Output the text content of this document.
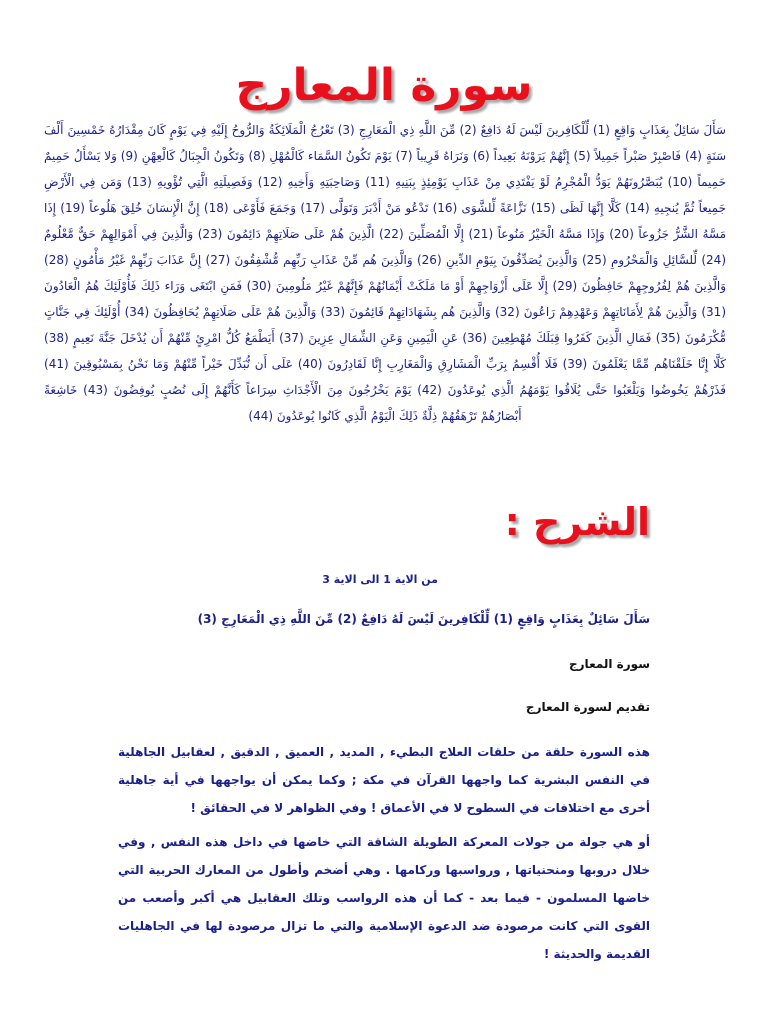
سورة المعارج

سَأَلَ سَائِلٌ بِعَذَابٍ وَاقِعٍ (1) لِّلْكَافِرينَ لَيْسَ لَهُ دَافِعٌ (2) مِّنَ اللَّهِ ذِي الْمَعَارِجِ (3) تَعْرُجُ الْمَلَائِكَةُ وَالرُّوحُ إِلَيْهِ فِي يَوْمٍ كَانَ مِقْدَارُهُ خَمْسِينَ أَلْفَ سَنَةٍ (4) فَاصْبِرْ صَبْراً جَمِيلاً (5) إِنَّهُمْ يَرَوْنَهُ بَعِيداً (6) وَنَرَاهُ قَرِيباً (7) يَوْمَ تَكُونُ السَّمَاء كَالْمُهْلِ (8) وَتَكُونُ الْجِبَالُ كَالْعِهْنِ (9) وَلا يَسْأَلُ حَمِيمٌ حَمِيماً (10) يُبَصَّرُونَهُمْ يَوَدُّ الْمُجْرِمُ لَوْ يَفْتَدِي مِنْ عَذَابِ يَوْمِئِذٍ بِبَنِيهِ (11) وَصَاحِبَتِهِ وَأَخِيهِ (12) وَفَصِيلَتِهِ الَّتِي تُؤْويهِ (13) وَمَن فِي الْأَرْضِ جَمِيعاً ثُمَّ يُنجِيهِ (14) كَلَّا إِنَّهَا لَظَى (15) نَزَّاعَةً لِّلشَّوَى (16) تَدْعُو مَنْ أَدْبَرَ وَتَوَلَّى (17) وَجَمَعَ فَأَوْعَى (18) إِنَّ الْإِنسَانَ خُلِقَ هَلُوعاً (19) إِذَا مَسَّهُ الشَّرُّ جَزُوعاً (20) وَإِذَا مَسَّهُ الْخَيْرُ مَنُوعاً (21) إِلَّا الْمُصَلِّينَ (22) الَّذِينَ هُمْ عَلَى صَلَاتِهِمْ دَائِمُونَ (23) وَالَّذِينَ فِي أَمْوَالِهِمْ حَقٌّ مَّعْلُومٌ (24) لِّلسَّائِلِ وَالْمَحْرُومِ (25) وَالَّذِينَ يُصَدِّقُونَ بِيَوْمِ الدِّينِ (26) وَالَّذِينَ هُم مِّنْ عَذَابِ رَبِّهِم مُّشْفِقُونَ (27) إِنَّ عَذَابَ رَبِّهِمْ غَيْرُ مَأْمُونٍ (28) وَالَّذِينَ هُمْ لِفُرُوجِهِمْ حَافِظُونَ (29) إِلَّا عَلَى أَزْوَاجِهِمْ أَوْ مَا مَلَكَتْ أَيْمَانُهُمْ فَإِنَّهُمْ غَيْرُ مَلُومِينَ (30) فَمَنِ ابْتَغَى وَرَاء ذَلِكَ فَأُوْلَئِكَ هُمُ الْعَادُونَ (31) وَالَّذِينَ هُمْ لِأَمَانَاتِهِمْ وَعَهْدِهِمْ رَاعُونَ (32) وَالَّذِينَ هُم بِشَهَادَاتِهِمْ قَائِمُونَ (33) وَالَّذِينَ هُمْ عَلَى صَلَاتِهِمْ يُحَافِظُونَ (34) أُوْلَئِكَ فِي جَنَّاتٍ مُّكْرَمُونَ (35) فَمَالِ الَّذِينَ كَفَرُوا قِبَلَكَ مُهْطِعِينَ (36) عَنِ الْيَمِينِ وَعَنِ الشِّمَالِ عِزِينَ (37) أَيَطْمَعُ كُلُّ امْرِئٍ مِّنْهُمْ أَن يُدْخَلَ جَنَّةَ نَعِيمٍ (38) كَلَّا إِنَّا خَلَقْنَاهُم مِّمَّا يَعْلَمُونَ (39) فَلَا أُقْسِمُ بِرَبِّ الْمَشَارِقِ وَالْمَغَارِبِ إِنَّا لَقَادِرُونَ (40) عَلَى أَن نُّبَدِّلَ خَيْراً مِّنْهُمْ وَمَا نَحْنُ بِمَسْبُوقِينَ (41) فَذَرْهُمْ يَخُوضُوا وَيَلْعَبُوا حَتَّى يُلَاقُوا يَوْمَهُمُ الَّذِي يُوعَدُونَ (42) يَوْمَ يَخْرُجُونَ مِنَ الْأَجْدَاثِ سِرَاعاً كَأَنَّهُمْ إِلَى نُصُبٍ يُوفِضُونَ (43) خَاشِعَةً أَبْصَارُهُمْ تَرْهَقُهُمْ ذِلَّةٌ ذَلِكَ الْيَوْمُ الَّذِي كَانُوا يُوعَدُونَ (44)

الشرح :

من الاية 1 الى الاية 3

سَأَلَ سَائِلٌ بِعَذَابٍ وَاقِعٍ (1) لِّلْكَافِرينَ لَيْسَ لَهُ دَافِعٌ (2) مِّنَ اللَّهِ ذِي الْمَعَارِجِ (3)

سورة المعارج

تقديم لسورة المعارج

هذه السورة حلقة من حلقات العلاج البطيء , المديد , العميق , الدقيق , لعقابيل الجاهلية في النفس البشرية كما واجهها القرآن في مكة ; وكما يمكن أن يواجهها في أية جاهلية أخرى مع اختلافات في السطوح لا في الأعماق ! وفي الظواهر لا في الحقائق !

أو هي جولة من جولات المعركة الطويلة الشاقة التي خاضها في داخل هذه النفس , وفي خلال دروبها ومنحنياتها , ورواسبها وركامها . وهي أضخم وأطول من المعارك الحربية التي خاضها المسلمون - فيما بعد - كما أن هذه الرواسب وتلك العقابيل هي أكبر وأصعب من القوى التي كانت مرصودة ضد الدعوة الإسلامية والتي ما تزال مرصودة لها في الجاهليات القديمة والحديثة !
